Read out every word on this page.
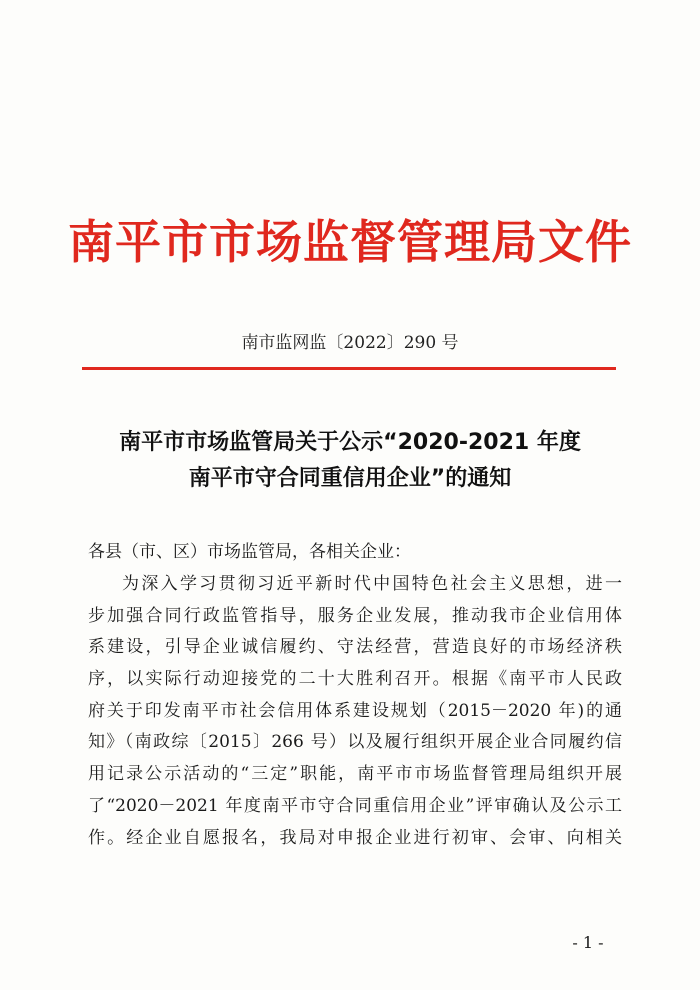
南平市市场监督管理局文件
南市监网监〔2022〕290 号
南平市市场监管局关于公示“2020-2021 年度
南平市守合同重信用企业”的通知
各县（市、区）市场监管局，各相关企业：
为深入学习贯彻习近平新时代中国特色社会主义思想，进一
步加强合同行政监管指导，服务企业发展，推动我市企业信用体
系建设，引导企业诚信履约、守法经营，营造良好的市场经济秩
序，以实际行动迎接党的二十大胜利召开。根据《南平市人民政
府关于印发南平市社会信用体系建设规划（2015－2020 年)的通
知》（南政综〔2015〕266 号）以及履行组织开展企业合同履约信
用记录公示活动的“三定”职能，南平市市场监督管理局组织开展
了“2020－2021 年度南平市守合同重信用企业”评审确认及公示工
作。经企业自愿报名，我局对申报企业进行初审、会审、向相关
- 1 -
